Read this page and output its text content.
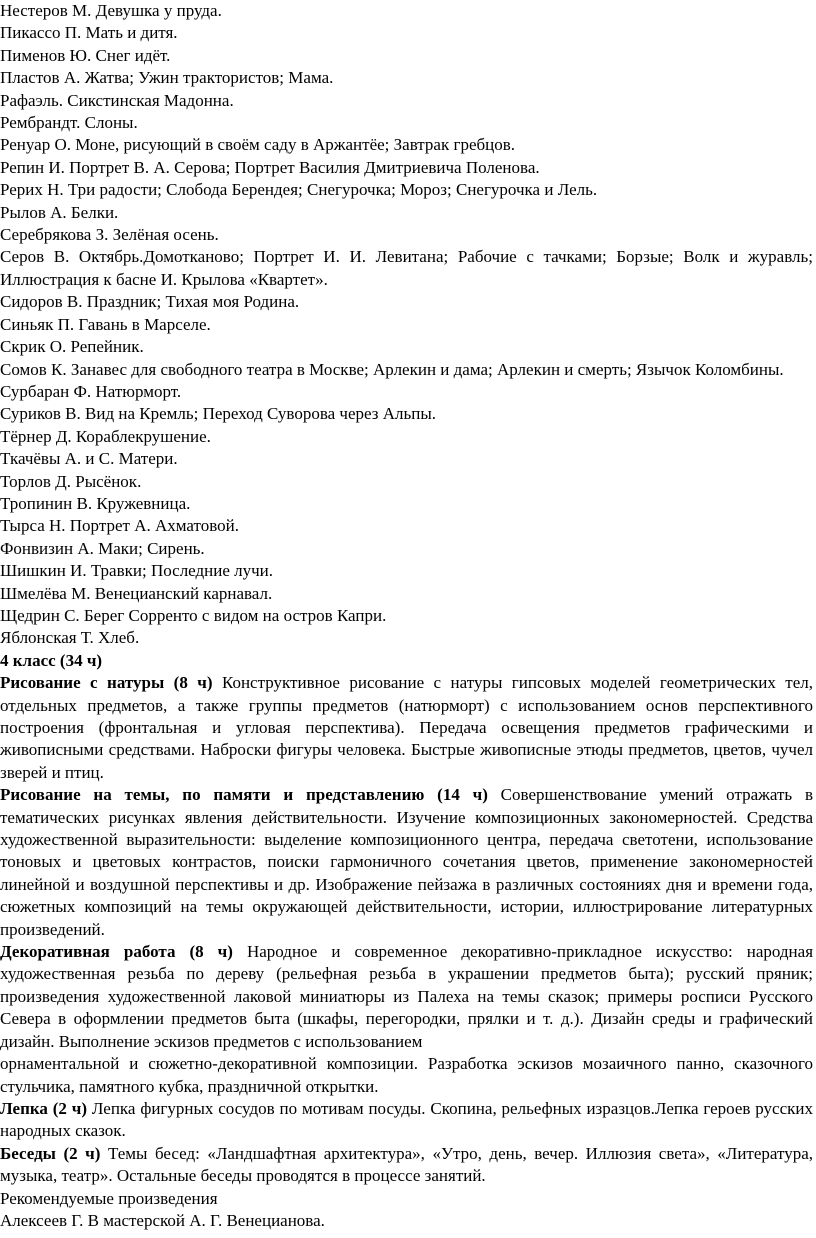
Нестеров М. Девушка у пруда.

Пикассо П. Мать и дитя.

Пименов Ю. Снег идёт.

Пластов А. Жатва; Ужин трактористов; Мама.

Рафаэль. Сикстинская Мадонна.

Рембрандт. Слоны.

Ренуар О. Моне, рисующий в своём саду в Аржантёе; Завтрак гребцов.

Репин И. Портрет В. А. Серова; Портрет Василия Дмитриевича Поленова.

Рерих Н. Три радости; Слобода Берендея; Снегурочка; Мороз; Снегурочка и Лель.

Рылов А. Белки.

Серебрякова З. Зелёная осень.

Серов В. Октябрь.Домотканово; Портрет И. И. Левитана; Рабочие с тачками; Борзые; Волк и журавль; Иллюстрация к басне И. Крылова «Квартет».

Сидоров В. Праздник; Тихая моя Родина.

Синьяк П. Гавань в Марселе.

Скрик О. Репейник.

Сомов К. Занавес для свободного театра в Москве; Арлекин и дама; Арлекин и смерть; Язычок Коломбины.

Сурбаран Ф. Натюрморт.

Суриков В. Вид на Кремль; Переход Суворова через Альпы.

Тёрнер Д. Кораблекрушение.

Ткачёвы А. и С. Матери.

Торлов Д. Рысёнок.

Тропинин В. Кружевница.

Тырса Н. Портрет А. Ахматовой.

Фонвизин А. Маки; Сирень.

Шишкин И. Травки; Последние лучи.

Шмелёва М. Венецианский карнавал.

Щедрин С. Берег Сорренто с видом на остров Капри.

Яблонская Т. Хлеб.

4 класс (34 ч)

Рисование с натуры (8 ч) Конструктивное рисование с натуры гипсовых моделей геометрических тел, отдельных предметов, а также группы предметов (натюрморт) с использованием основ перспективного построения (фронтальная и угловая перспектива). Передача освещения предметов графическими и живописными средствами. Наброски фигуры человека. Быстрые живописные этюды предметов, цветов, чучел зверей и птиц.

Рисование на темы, по памяти и представлению (14 ч) Совершенствование умений отражать в тематических рисунках явления действительности. Изучение композиционных закономерностей. Средства художественной выразительности: выделение композиционного центра, передача светотени, использование тоновых и цветовых контрастов, поиски гармоничного сочетания цветов, применение закономерностей линейной и воздушной перспективы и др. Изображение пейзажа в различных состояниях дня и времени года, сюжетных композиций на темы окружающей действительности, истории, иллюстрирование литературных произведений.

Декоративная работа (8 ч) Народное и современное декоративно-прикладное искусство: народная художественная резьба по дереву (рельефная резьба в украшении предметов быта); русский пряник; произведения художественной лаковой миниатюры из Палеха на темы сказок; примеры росписи Русского Севера в оформлении предметов быта (шкафы, перегородки, прялки и т. д.). Дизайн среды и графический дизайн. Выполнение эскизов предметов с использованием

орнаментальной и сюжетно-декоративной композиции. Разработка эскизов мозаичного панно, сказочного стульчика, памятного кубка, праздничной открытки.

Лепка (2 ч) Лепка фигурных сосудов по мотивам посуды. Скопина, рельефных изразцов.Лепка героев русских народных сказок.

Беседы (2 ч) Темы бесед: «Ландшафтная архитектура», «Утро, день, вечер. Иллюзия света», «Литература, музыка, театр». Остальные беседы проводятся в процессе занятий.

Рекомендуемые произведения

Алексеев Г. В мастерской А. Г. Венецианова.
